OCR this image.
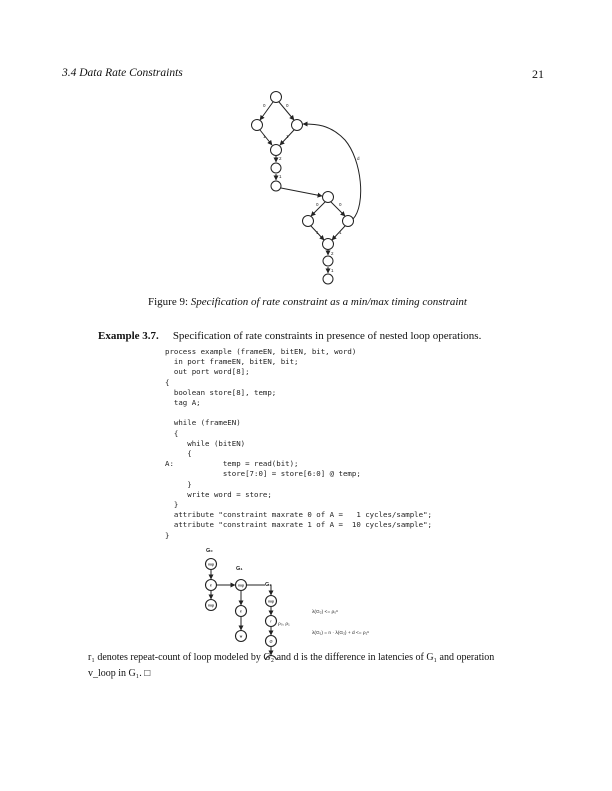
3.4 Data Rate Constraints	21
0	0
1	1
2
1
d
0	0
1	1
2
1
Figure 9: Specification of rate constraint as a min/max timing constraint
Example 3.7. Specification of rate constraints in presence of nested loop operations.
process example (frameEN, bitEN, bit, word)
in port frameEN, bitEN, bit;
out port word[8];
{
boolean store[8], temp;
tag A;

while (frameEN)
{
while (bitEN)
{
A:           temp = read(bit);
store[7:0] = store[6:0] @ temp;
}
write word = store;
}
attribute "constraint maxrate 0 of A =   1 cycles/sample";
attribute "constraint maxrate 1 of A =  10 cycles/sample";
}
G₀
G₁
G₂
nop
ℓ
nop
nop
ℓ
w
nop
r
@
ρ₀, ρ₁
λ(G₂) <= ρ₀ᵘ
λ(G₁) = n · λ(G₂) + d <= ρ₁ᵘ
r₁ denotes repeat-count of loop modeled by G₂ and d is the difference in latencies of G₁ and operation
v_loop in G₁. □
